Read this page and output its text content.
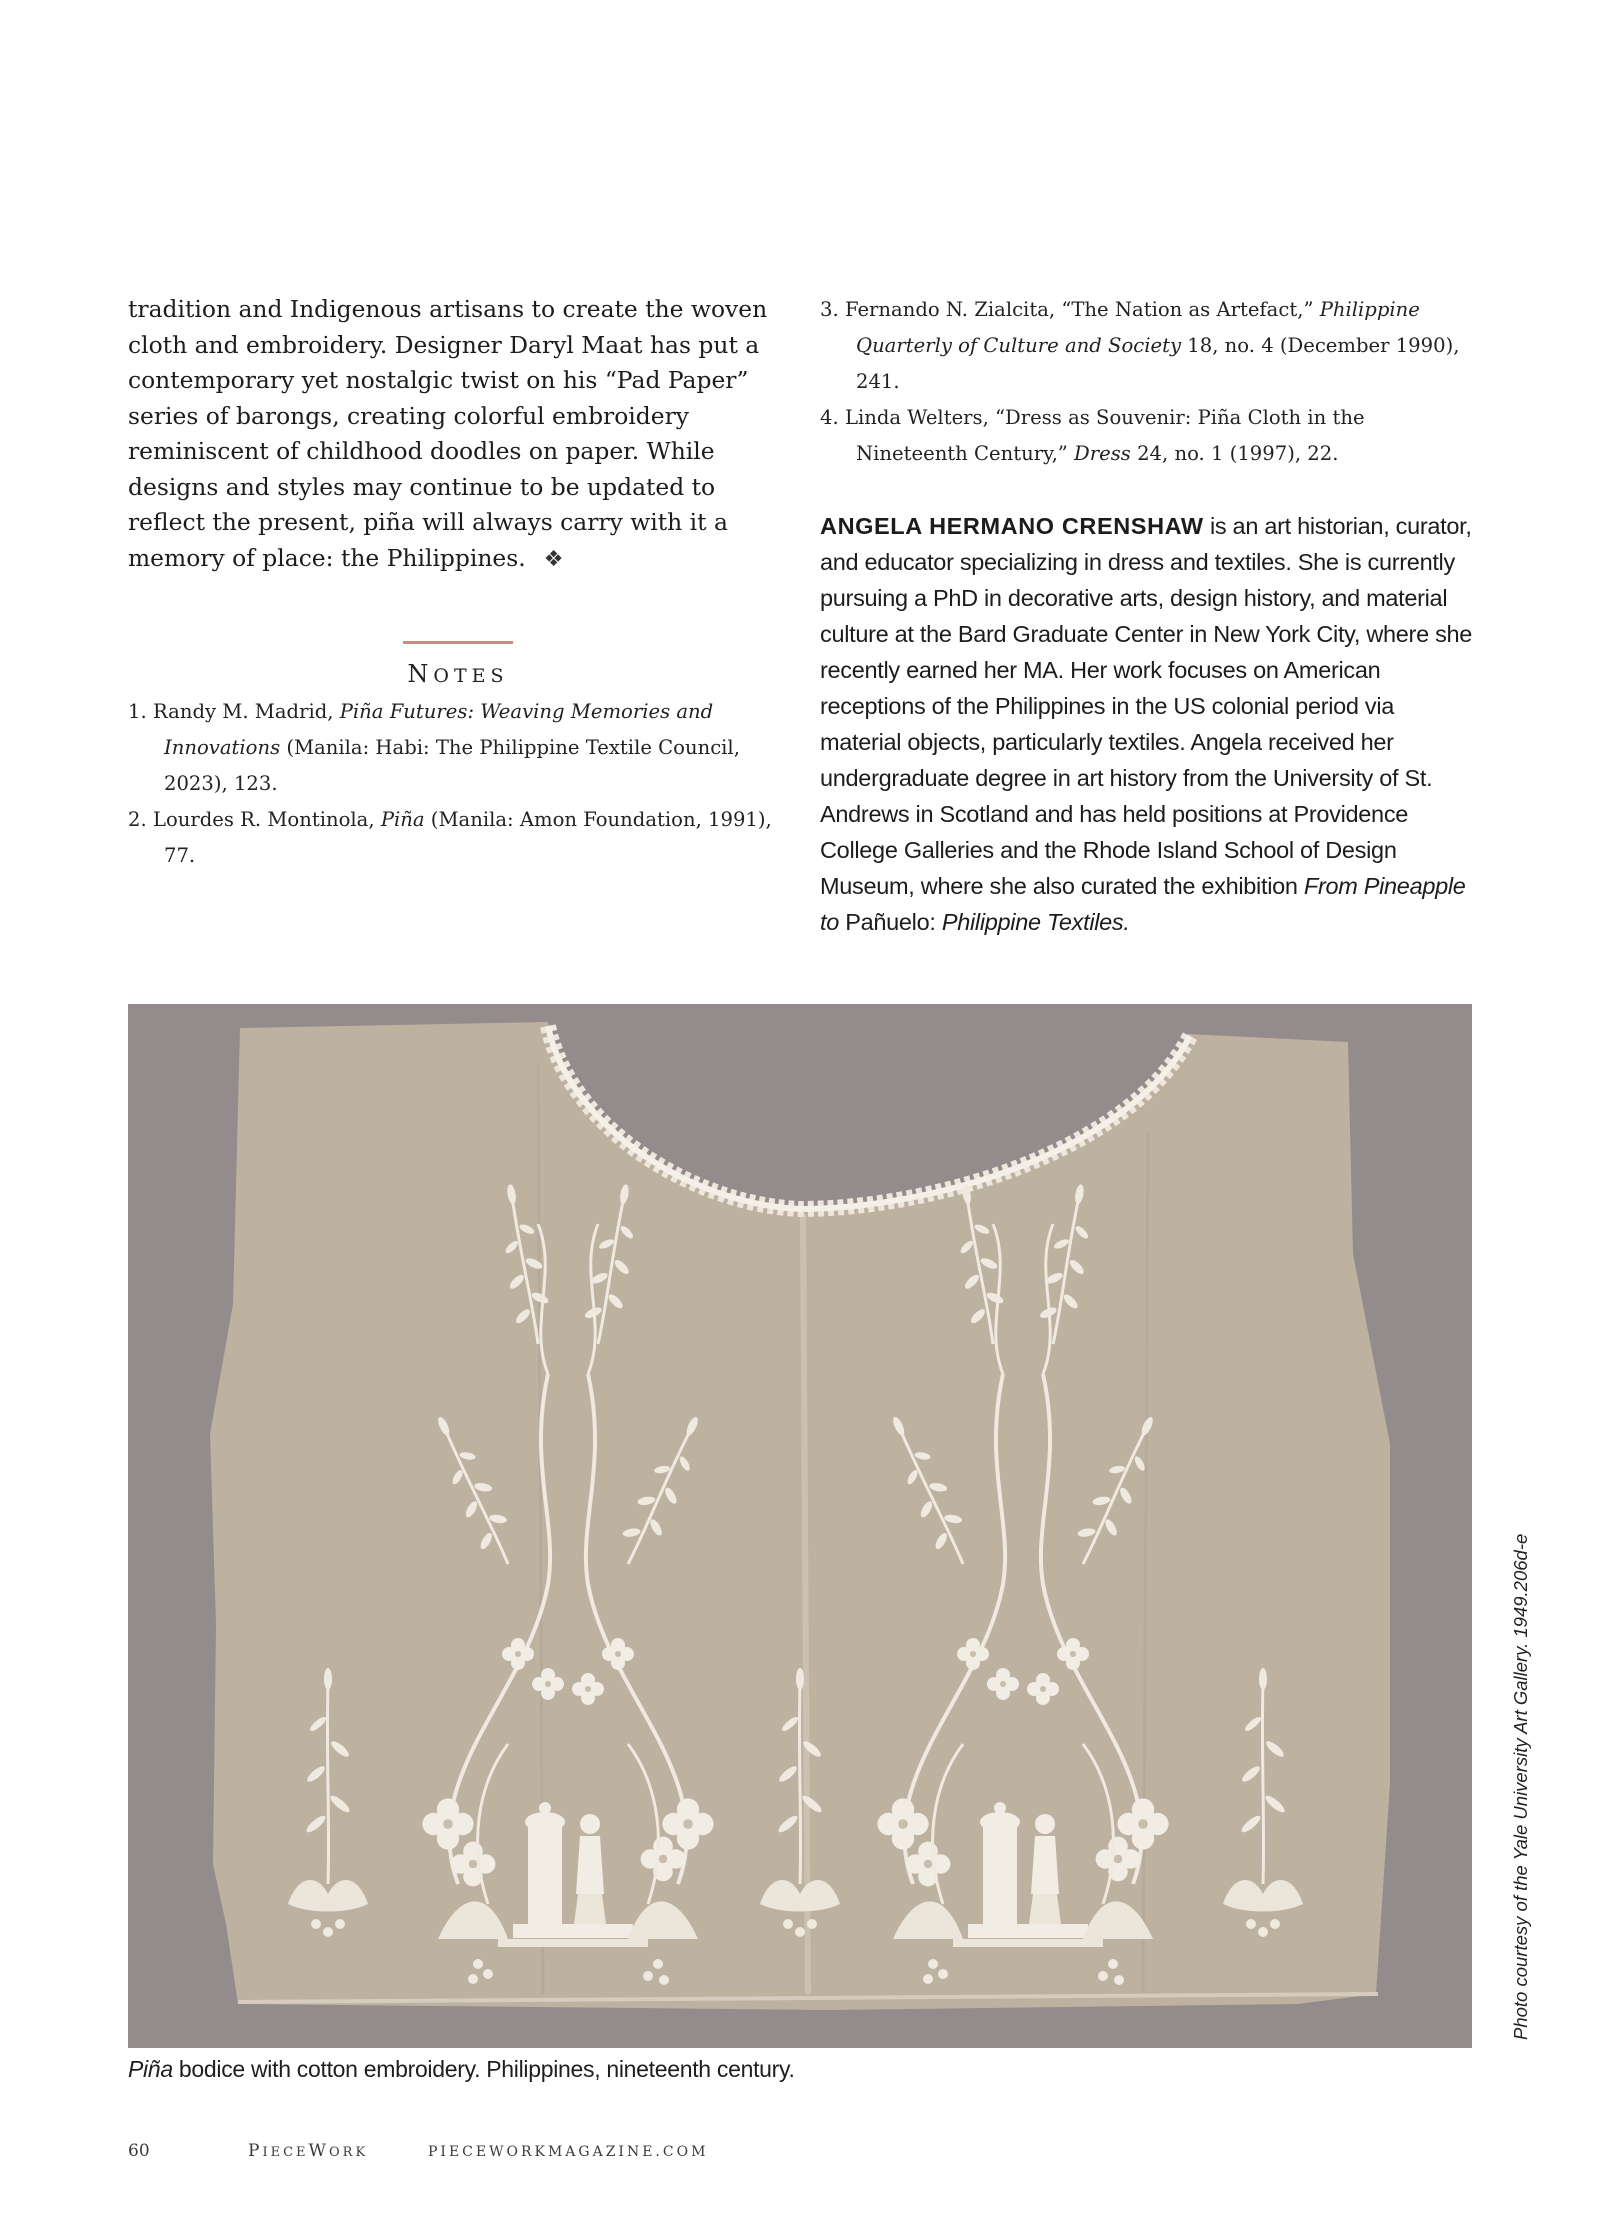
tradition and Indigenous artisans to create the woven cloth and embroidery. Designer Daryl Maat has put a contemporary yet nostalgic twist on his “Pad Paper” series of barongs, creating colorful embroidery reminiscent of childhood doodles on paper. While designs and styles may continue to be updated to reflect the present, piña will always carry with it a memory of place: the Philippines. ❖

NOTES

1. Randy M. Madrid, Piña Futures: Weaving Memories and Innovations (Manila: Habi: The Philippine Textile Council, 2023), 123.

2. Lourdes R. Montinola, Piña (Manila: Amon Foundation, 1991), 77.

3. Fernando N. Zialcita, “The Nation as Artefact,” Philippine Quarterly of Culture and Society 18, no. 4 (December 1990), 241.

4. Linda Welters, “Dress as Souvenir: Piña Cloth in the Nineteenth Century,” Dress 24, no. 1 (1997), 22.

ANGELA HERMANO CRENSHAW is an art historian, curator, and educator specializing in dress and textiles. She is currently pursuing a PhD in decorative arts, design history, and material culture at the Bard Graduate Center in New York City, where she recently earned her MA. Her work focuses on American receptions of the Philippines in the US colonial period via material objects, particularly textiles. Angela received her undergraduate degree in art history from the University of St. Andrews in Scotland and has held positions at Providence College Galleries and the Rhode Island School of Design Museum, where she also curated the exhibition From Pineapple to Pañuelo: Philippine Textiles.

Photo courtesy of the Yale University Art Gallery. 1949.206d-e
Piña bodice with cotton embroidery. Philippines, nineteenth century.
60	PIECEWORK	PIECEWORKMAGAZINE.COM
